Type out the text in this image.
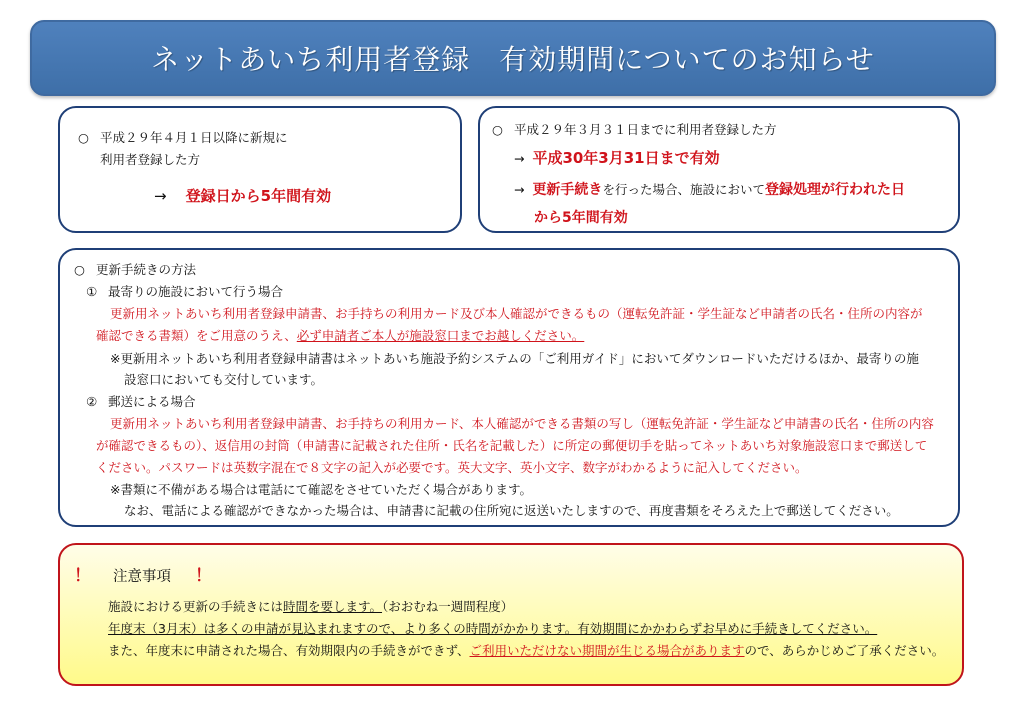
ネットあいち利用者登録　有効期間についてのお知らせ
○ 平成２９年４月１日以降に新規に
利用者登録した方
→ 登録日から5年間有効
○ 平成２９年３月３１日までに利用者登録した方
→ 平成30年3月31日まで有効
→ 更新手続きを行った場合、施設において登録処理が行われた日
から5年間有効
○ 更新手続きの方法
① 最寄りの施設において行う場合
更新用ネットあいち利用者登録申請書、お手持ちの利用カード及び本人確認ができるもの（運転免許証・学生証など申請者の氏名・住所の内容が
確認できる書類）をご用意のうえ、必ず申請者ご本人が施設窓口までお越しください。
※更新用ネットあいち利用者登録申請書はネットあいち施設予約システムの「ご利用ガイド」においてダウンロードいただけるほか、最寄りの施
設窓口においても交付しています。
② 郵送による場合
更新用ネットあいち利用者登録申請書、お手持ちの利用カード、本人確認ができる書類の写し（運転免許証・学生証など申請書の氏名・住所の内容
が確認できるもの）、返信用の封筒（申請書に記載された住所・氏名を記載した）に所定の郵便切手を貼ってネットあいち対象施設窓口まで郵送して
ください。パスワードは英数字混在で８文字の記入が必要です。英大文字、英小文字、数字がわかるように記入してください。
※書類に不備がある場合は電話にて確認をさせていただく場合があります。
なお、電話による確認ができなかった場合は、申請書に記載の住所宛に返送いたしますので、再度書類をそろえた上で郵送してください。
！ 注意事項 ！
施設における更新の手続きには時間を要します。（おおむね一週間程度）
年度末（3月末）は多くの申請が見込まれますので、より多くの時間がかかります。有効期間にかかわらずお早めに手続きしてください。
また、年度末に申請された場合、有効期限内の手続きができず、ご利用いただけない期間が生じる場合がありますので、あらかじめご了承ください。
